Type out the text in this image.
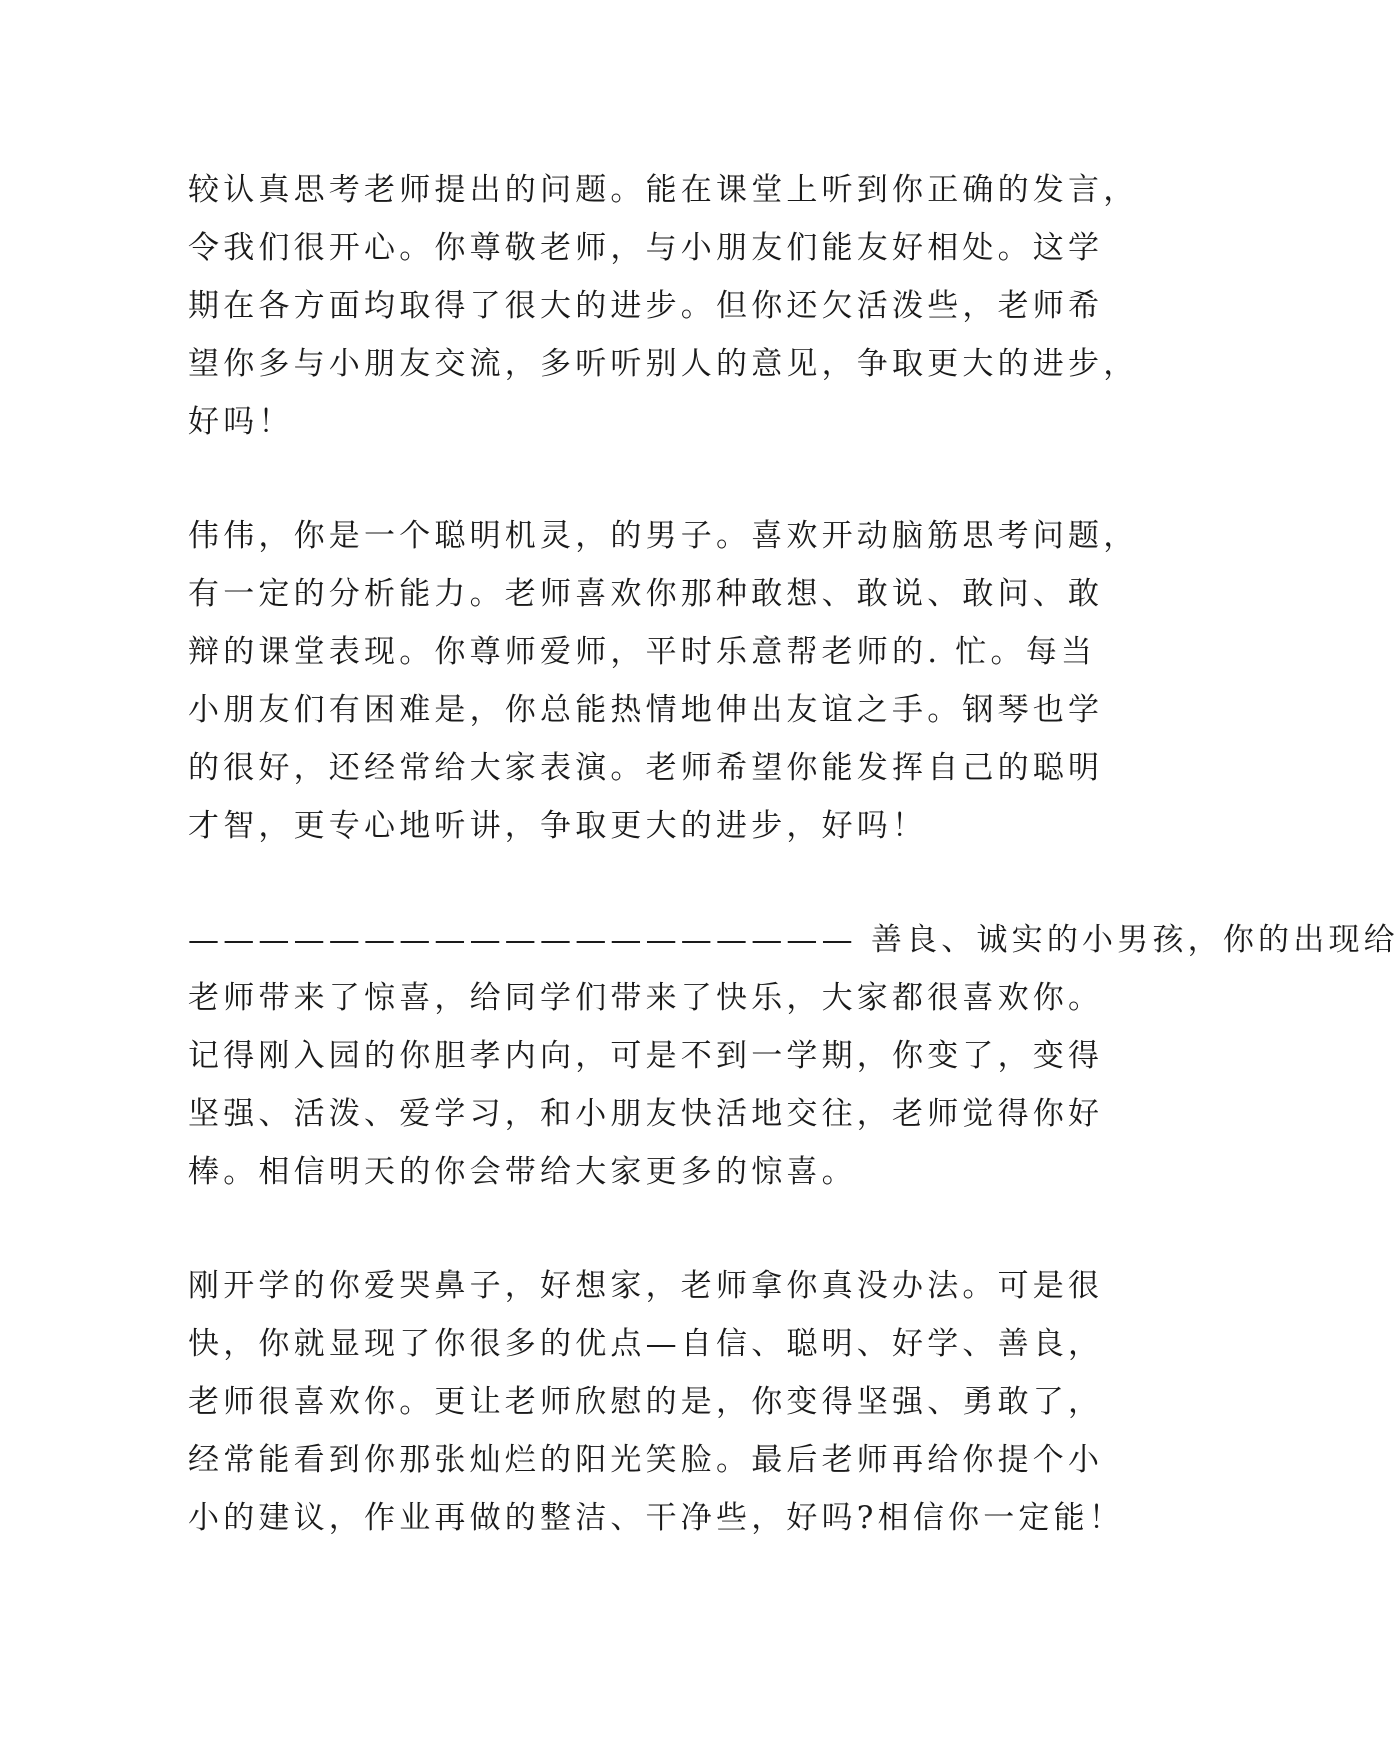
较认真思考老师提出的问题。能在课堂上听到你正确的发言，
令我们很开心。你尊敬老师，与小朋友们能友好相处。这学
期在各方面均取得了很大的进步。但你还欠活泼些，老师希
望你多与小朋友交流，多听听别人的意见，争取更大的进步，
好吗！
伟伟，你是一个聪明机灵，的男子。喜欢开动脑筋思考问题，
有一定的分析能力。老师喜欢你那种敢想、敢说、敢问、敢
辩的课堂表现。你尊师爱师，平时乐意帮老师的. 忙。每当
小朋友们有困难是，你总能热情地伸出友谊之手。钢琴也学
的很好，还经常给大家表演。老师希望你能发挥自己的聪明
才智，更专心地听讲，争取更大的进步，好吗！
——————————————————— 善良、诚实的小男孩，你的出现给
老师带来了惊喜，给同学们带来了快乐，大家都很喜欢你。
记得刚入园的你胆孝内向，可是不到一学期，你变了，变得
坚强、活泼、爱学习，和小朋友快活地交往，老师觉得你好
棒。相信明天的你会带给大家更多的惊喜。
刚开学的你爱哭鼻子，好想家，老师拿你真没办法。可是很
快，你就显现了你很多的优点—自信、聪明、好学、善良，
老师很喜欢你。更让老师欣慰的是，你变得坚强、勇敢了，
经常能看到你那张灿烂的阳光笑脸。最后老师再给你提个小
小的建议，作业再做的整洁、干净些，好吗?相信你一定能！
